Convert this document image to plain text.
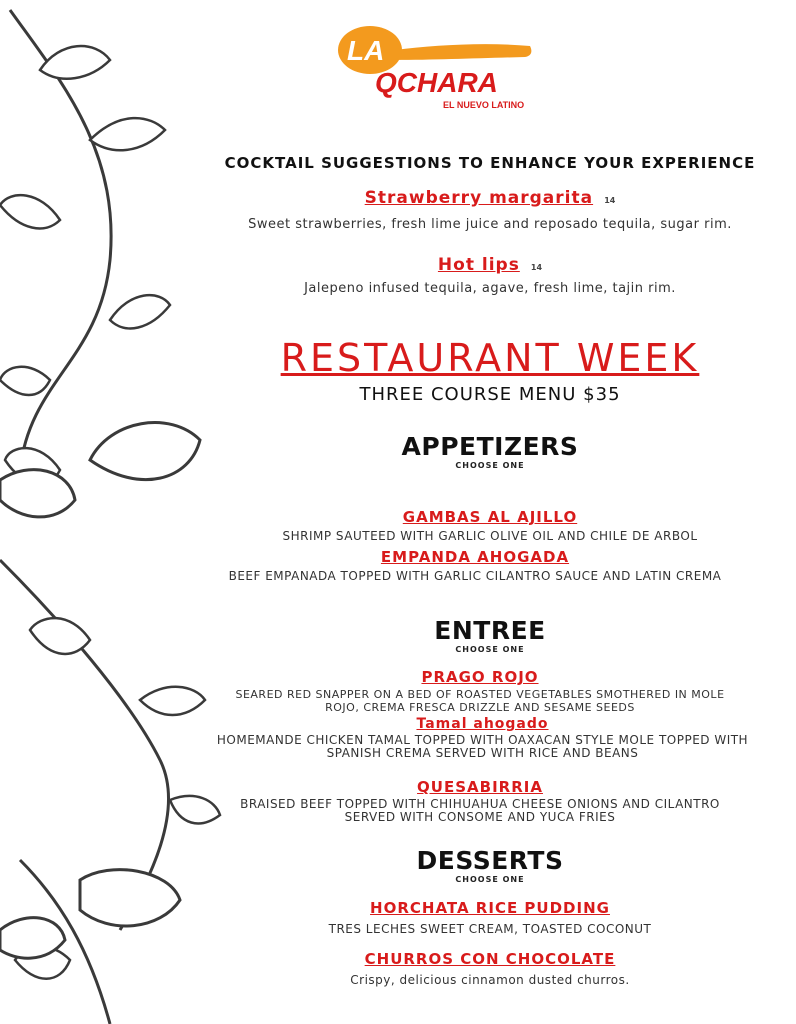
LA
QCHARA
EL NUEVO LATINO
COCKTAIL SUGGESTIONS TO ENHANCE YOUR EXPERIENCE
Strawberry margarita 14
Sweet strawberries, fresh lime juice and reposado tequila, sugar rim.
Hot lips 14
Jalepeno infused tequila, agave, fresh lime, tajin rim.
RESTAURANT WEEK
THREE COURSE MENU $35
APPETIZERS
CHOOSE ONE
GAMBAS AL AJILLO
SHRIMP SAUTEED WITH GARLIC OLIVE OIL AND CHILE DE ARBOL
EMPANDA AHOGADA
BEEF EMPANADA TOPPED WITH GARLIC CILANTRO SAUCE AND LATIN CREMA
ENTREE
CHOOSE ONE
PRAGO ROJO
SEARED RED SNAPPER ON A BED OF ROASTED VEGETABLES SMOTHERED IN MOLE ROJO, CREMA FRESCA DRIZZLE AND SESAME SEEDS
Tamal ahogado
HOMEMANDE CHICKEN TAMAL TOPPED WITH OAXACAN STYLE MOLE TOPPED WITH SPANISH CREMA SERVED WITH RICE AND BEANS
QUESABIRRIA
BRAISED BEEF TOPPED WITH CHIHUAHUA CHEESE ONIONS AND CILANTRO SERVED WITH CONSOME AND YUCA FRIES
DESSERTS
CHOOSE ONE
HORCHATA RICE PUDDING
TRES LECHES SWEET CREAM, TOASTED COCONUT
CHURROS CON CHOCOLATE
Crispy, delicious cinnamon dusted churros.
